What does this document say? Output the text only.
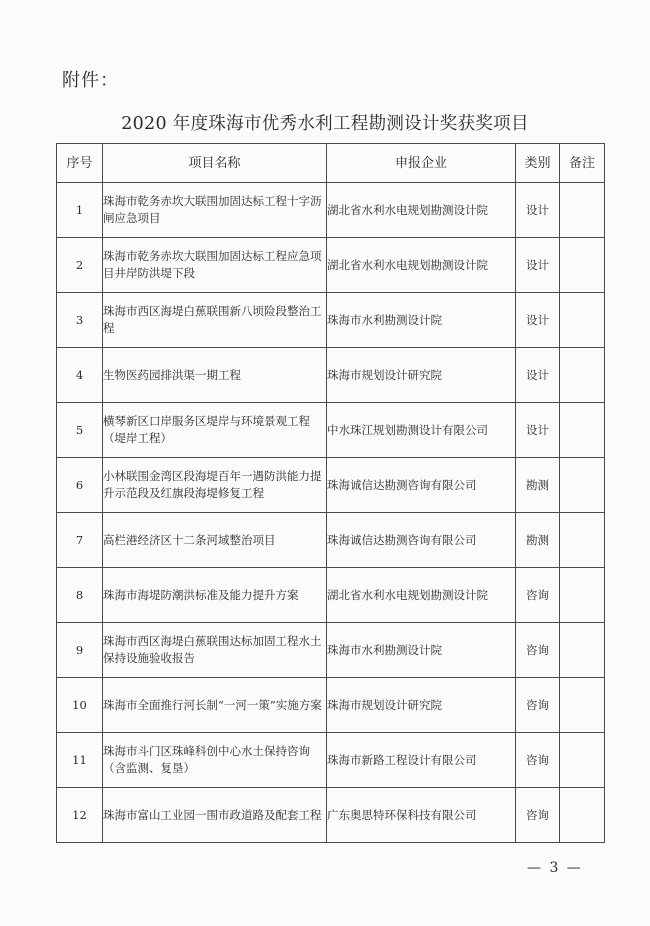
附件：
2020 年度珠海市优秀水利工程勘测设计奖获奖项目
序号	项目名称	申报企业	类别	备注
1	珠海市乾务赤坎大联围加固达标工程十字沥闸应急项目	湖北省水利水电规划勘测设计院	设计	
2	珠海市乾务赤坎大联围加固达标工程应急项目井岸防洪堤下段	湖北省水利水电规划勘测设计院	设计	
3	珠海市西区海堤白蕉联围新八顷险段整治工程	珠海市水利勘测设计院	设计	
4	生物医药园排洪渠一期工程	珠海市规划设计研究院	设计	
5	横琴新区口岸服务区堤岸与环境景观工程（堤岸工程）	中水珠江规划勘测设计有限公司	设计	
6	小林联围金湾区段海堤百年一遇防洪能力提升示范段及红旗段海堤修复工程	珠海诚信达勘测咨询有限公司	勘测	
7	高栏港经济区十二条河域整治项目	珠海诚信达勘测咨询有限公司	勘测	
8	珠海市海堤防潮洪标准及能力提升方案	湖北省水利水电规划勘测设计院	咨询	
9	珠海市西区海堤白蕉联围达标加固工程水土保持设施验收报告	珠海市水利勘测设计院	咨询	
10	珠海市全面推行河长制“一河一策”实施方案	珠海市规划设计研究院	咨询	
11	珠海市斗门区珠峰科创中心水土保持咨询（含监测、复垦）	珠海市新路工程设计有限公司	咨询	
12	珠海市富山工业园一围市政道路及配套工程	广东奥思特环保科技有限公司	咨询	
— 3 —
